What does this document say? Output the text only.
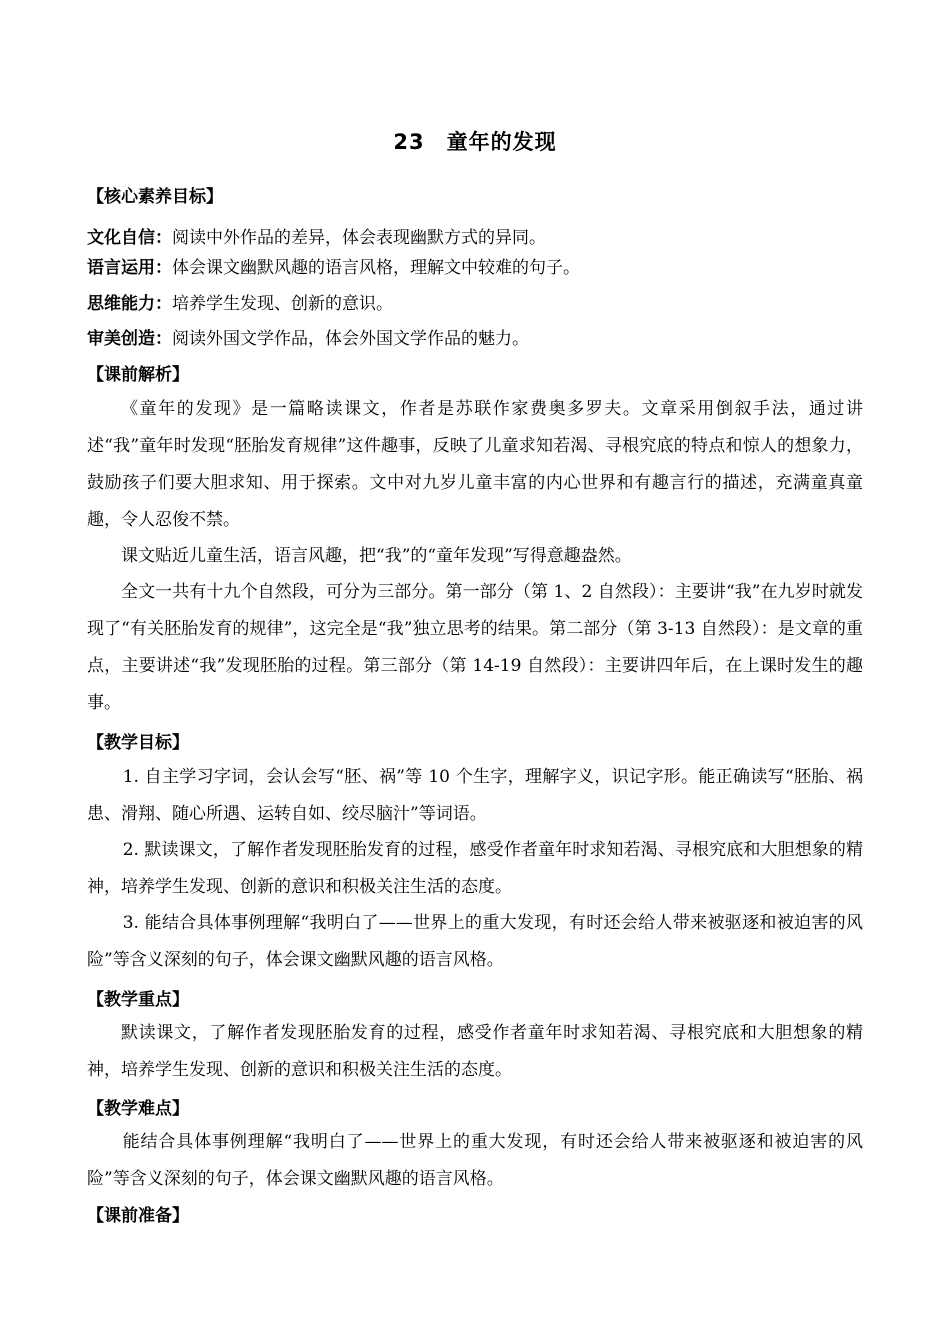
23 童年的发现
【核心素养目标】
文化自信：阅读中外作品的差异，体会表现幽默方式的异同。
语言运用：体会课文幽默风趣的语言风格，理解文中较难的句子。
思维能力：培养学生发现、创新的意识。
审美创造：阅读外国文学作品，体会外国文学作品的魅力。
【课前解析】
《童年的发现》是一篇略读课文，作者是苏联作家费奥多罗夫。文章采用倒叙手法，通过讲述“我”童年时发现“胚胎发育规律”这件趣事，反映了儿童求知若渴、寻根究底的特点和惊人的想象力，鼓励孩子们要大胆求知、用于探索。文中对九岁儿童丰富的内心世界和有趣言行的描述，充满童真童趣，令人忍俊不禁。
课文贴近儿童生活，语言风趣，把“我”的“童年发现”写得意趣盎然。
全文一共有十九个自然段，可分为三部分。第一部分（第 1、2 自然段）：主要讲“我”在九岁时就发现了“有关胚胎发育的规律”，这完全是“我”独立思考的结果。第二部分（第 3-13 自然段）：是文章的重点，主要讲述“我”发现胚胎的过程。第三部分（第 14-19 自然段）：主要讲四年后，在上课时发生的趣事。
【教学目标】
1. 自主学习字词，会认会写“胚、祸”等 10 个生字，理解字义，识记字形。能正确读写“胚胎、祸患、滑翔、随心所遇、运转自如、绞尽脑汁”等词语。
2. 默读课文，了解作者发现胚胎发育的过程，感受作者童年时求知若渴、寻根究底和大胆想象的精神，培养学生发现、创新的意识和积极关注生活的态度。
3. 能结合具体事例理解“我明白了——世界上的重大发现，有时还会给人带来被驱逐和被迫害的风险”等含义深刻的句子，体会课文幽默风趣的语言风格。
【教学重点】
默读课文，了解作者发现胚胎发育的过程，感受作者童年时求知若渴、寻根究底和大胆想象的精神，培养学生发现、创新的意识和积极关注生活的态度。
【教学难点】
能结合具体事例理解“我明白了——世界上的重大发现，有时还会给人带来被驱逐和被迫害的风险”等含义深刻的句子，体会课文幽默风趣的语言风格。
【课前准备】
